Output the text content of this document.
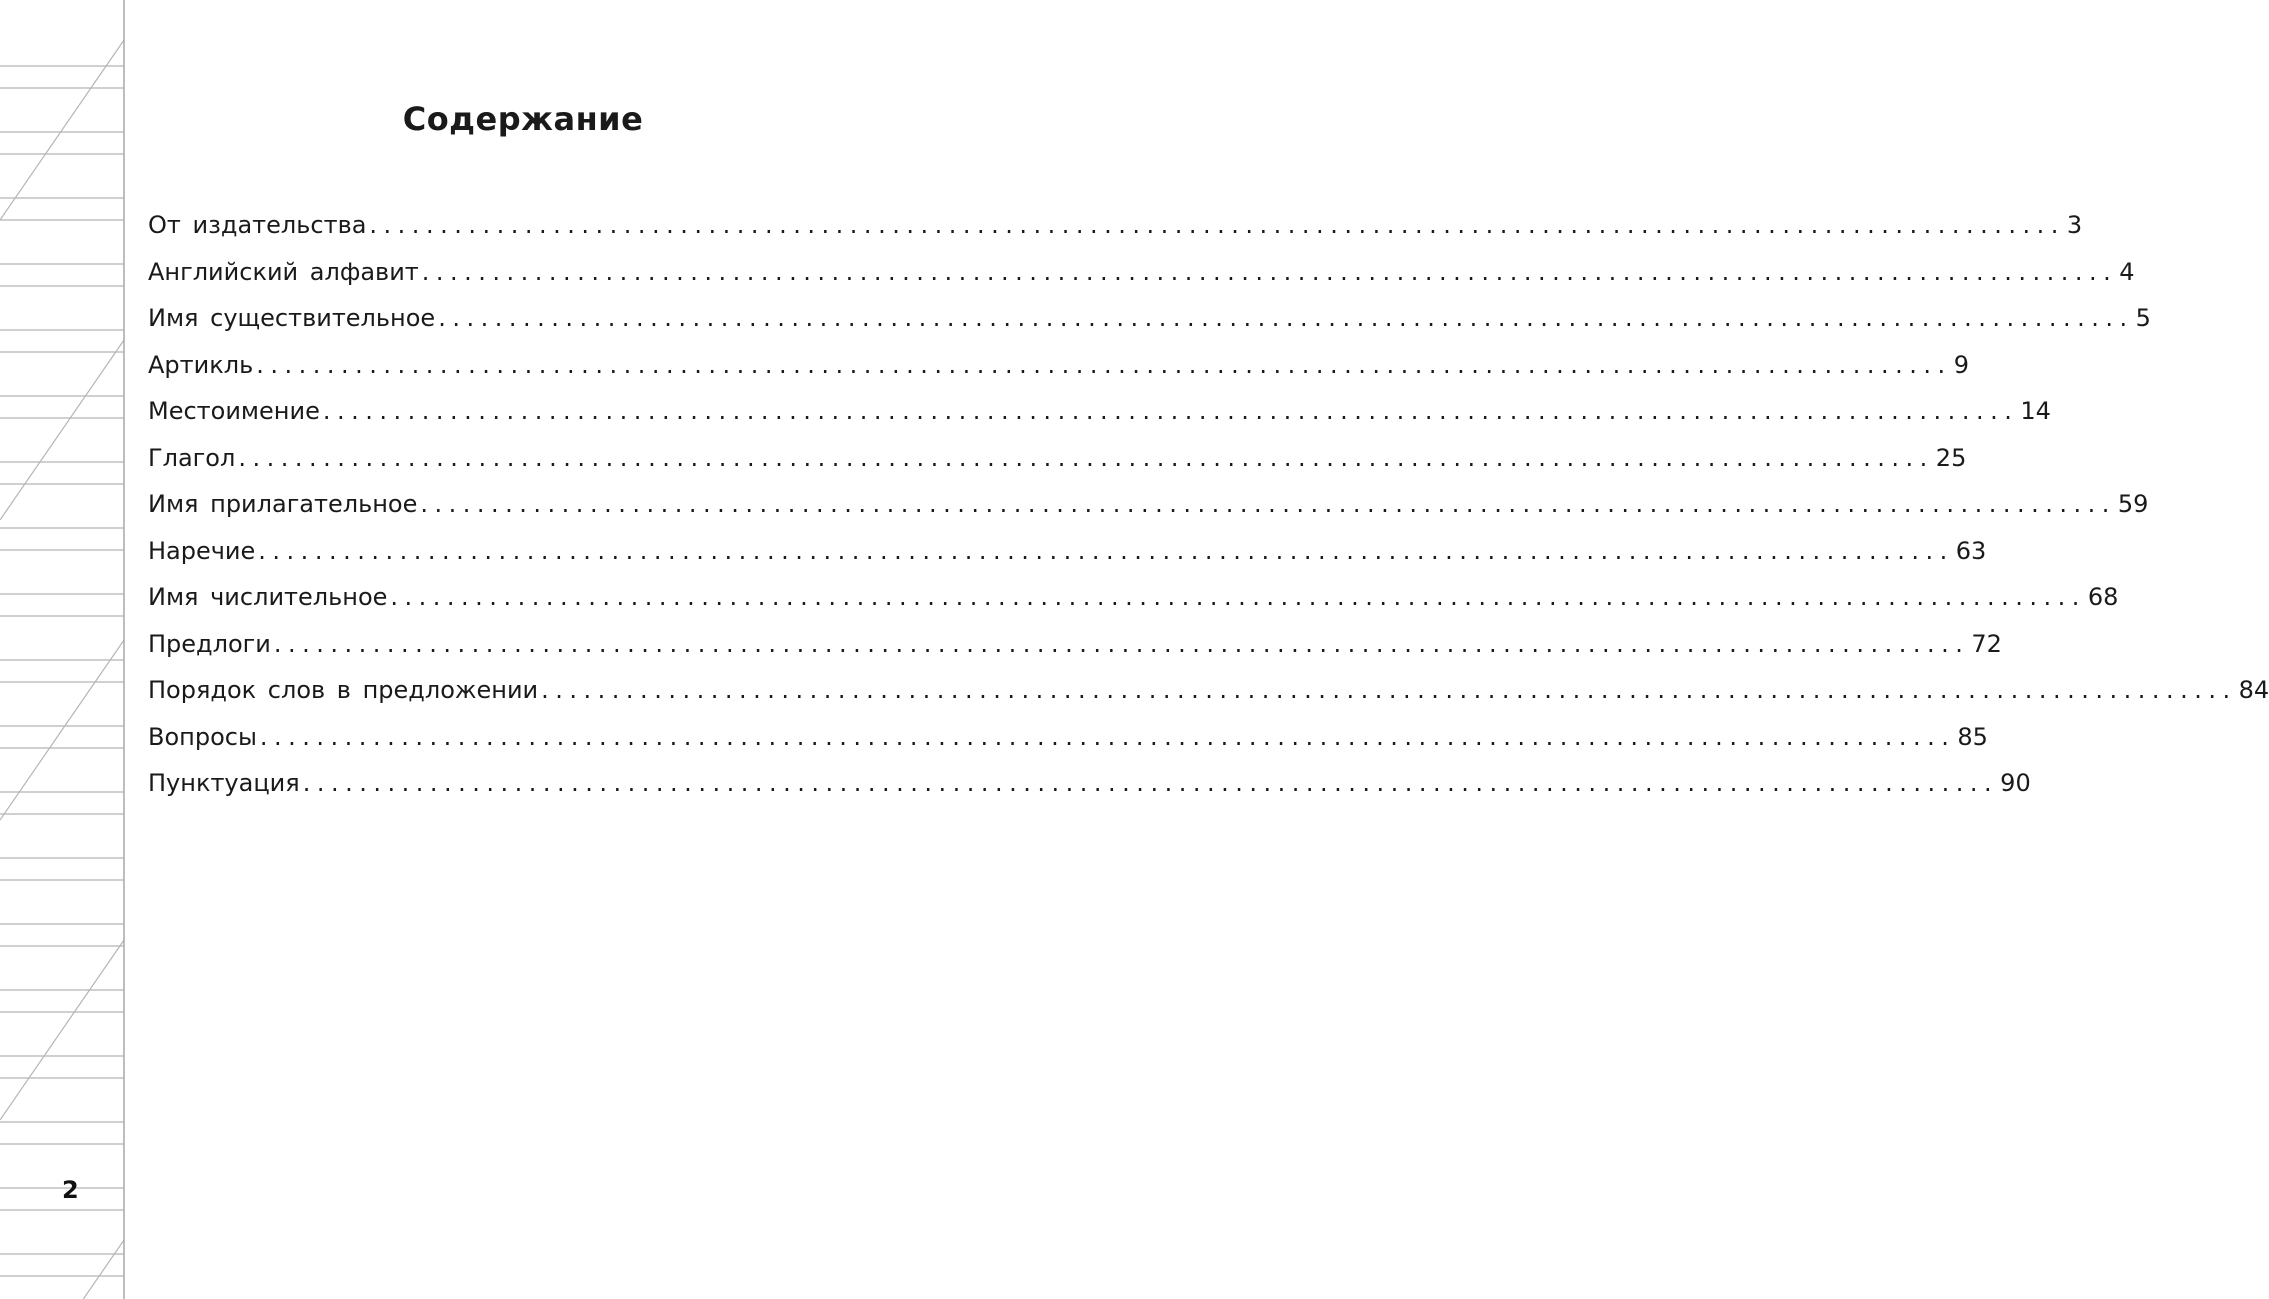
Содержание
От издательства ........................................................................................................................ 3
Английский алфавит ........................................................................................................................ 4
Имя существительное ........................................................................................................................ 5
Артикль ........................................................................................................................ 9
Местоимение ........................................................................................................................ 14
Глагол ........................................................................................................................ 25
Имя прилагательное ........................................................................................................................ 59
Наречие ........................................................................................................................ 63
Имя числительное ........................................................................................................................ 68
Предлоги ........................................................................................................................ 72
Порядок слов в предложении ........................................................................................................................ 84
Вопросы ........................................................................................................................ 85
Пунктуация ........................................................................................................................ 90
2
